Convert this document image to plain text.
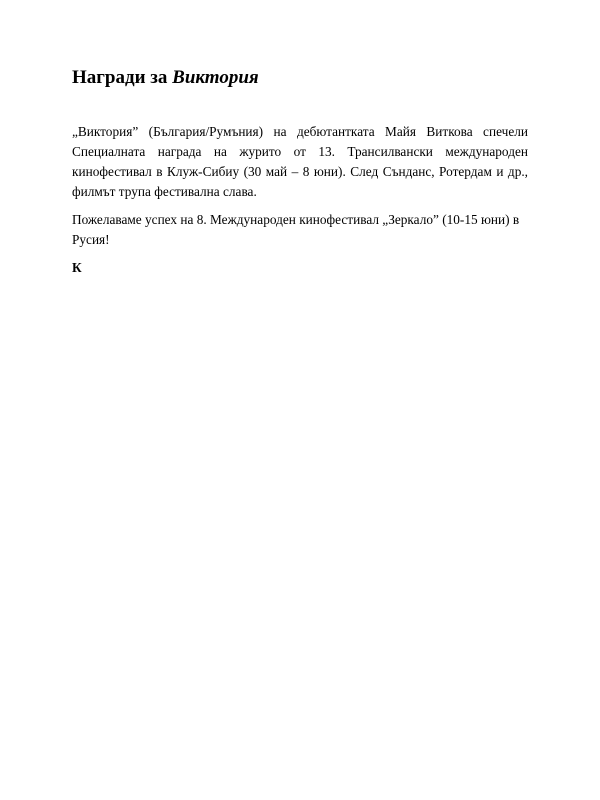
Награди за Виктория

„Виктория” (България/Румъния) на дебютантката Майя Виткова спечели Специалната награда на журито от 13. Трансилвански международен кинофестивал в Клуж-Сибиу (30 май – 8 юни). След Сънданс, Ротердам и др., филмът трупа фестивална слава.

Пожелаваме успех на 8. Международен кинофестивал „Зеркало” (10-15 юни) в Русия!

К
